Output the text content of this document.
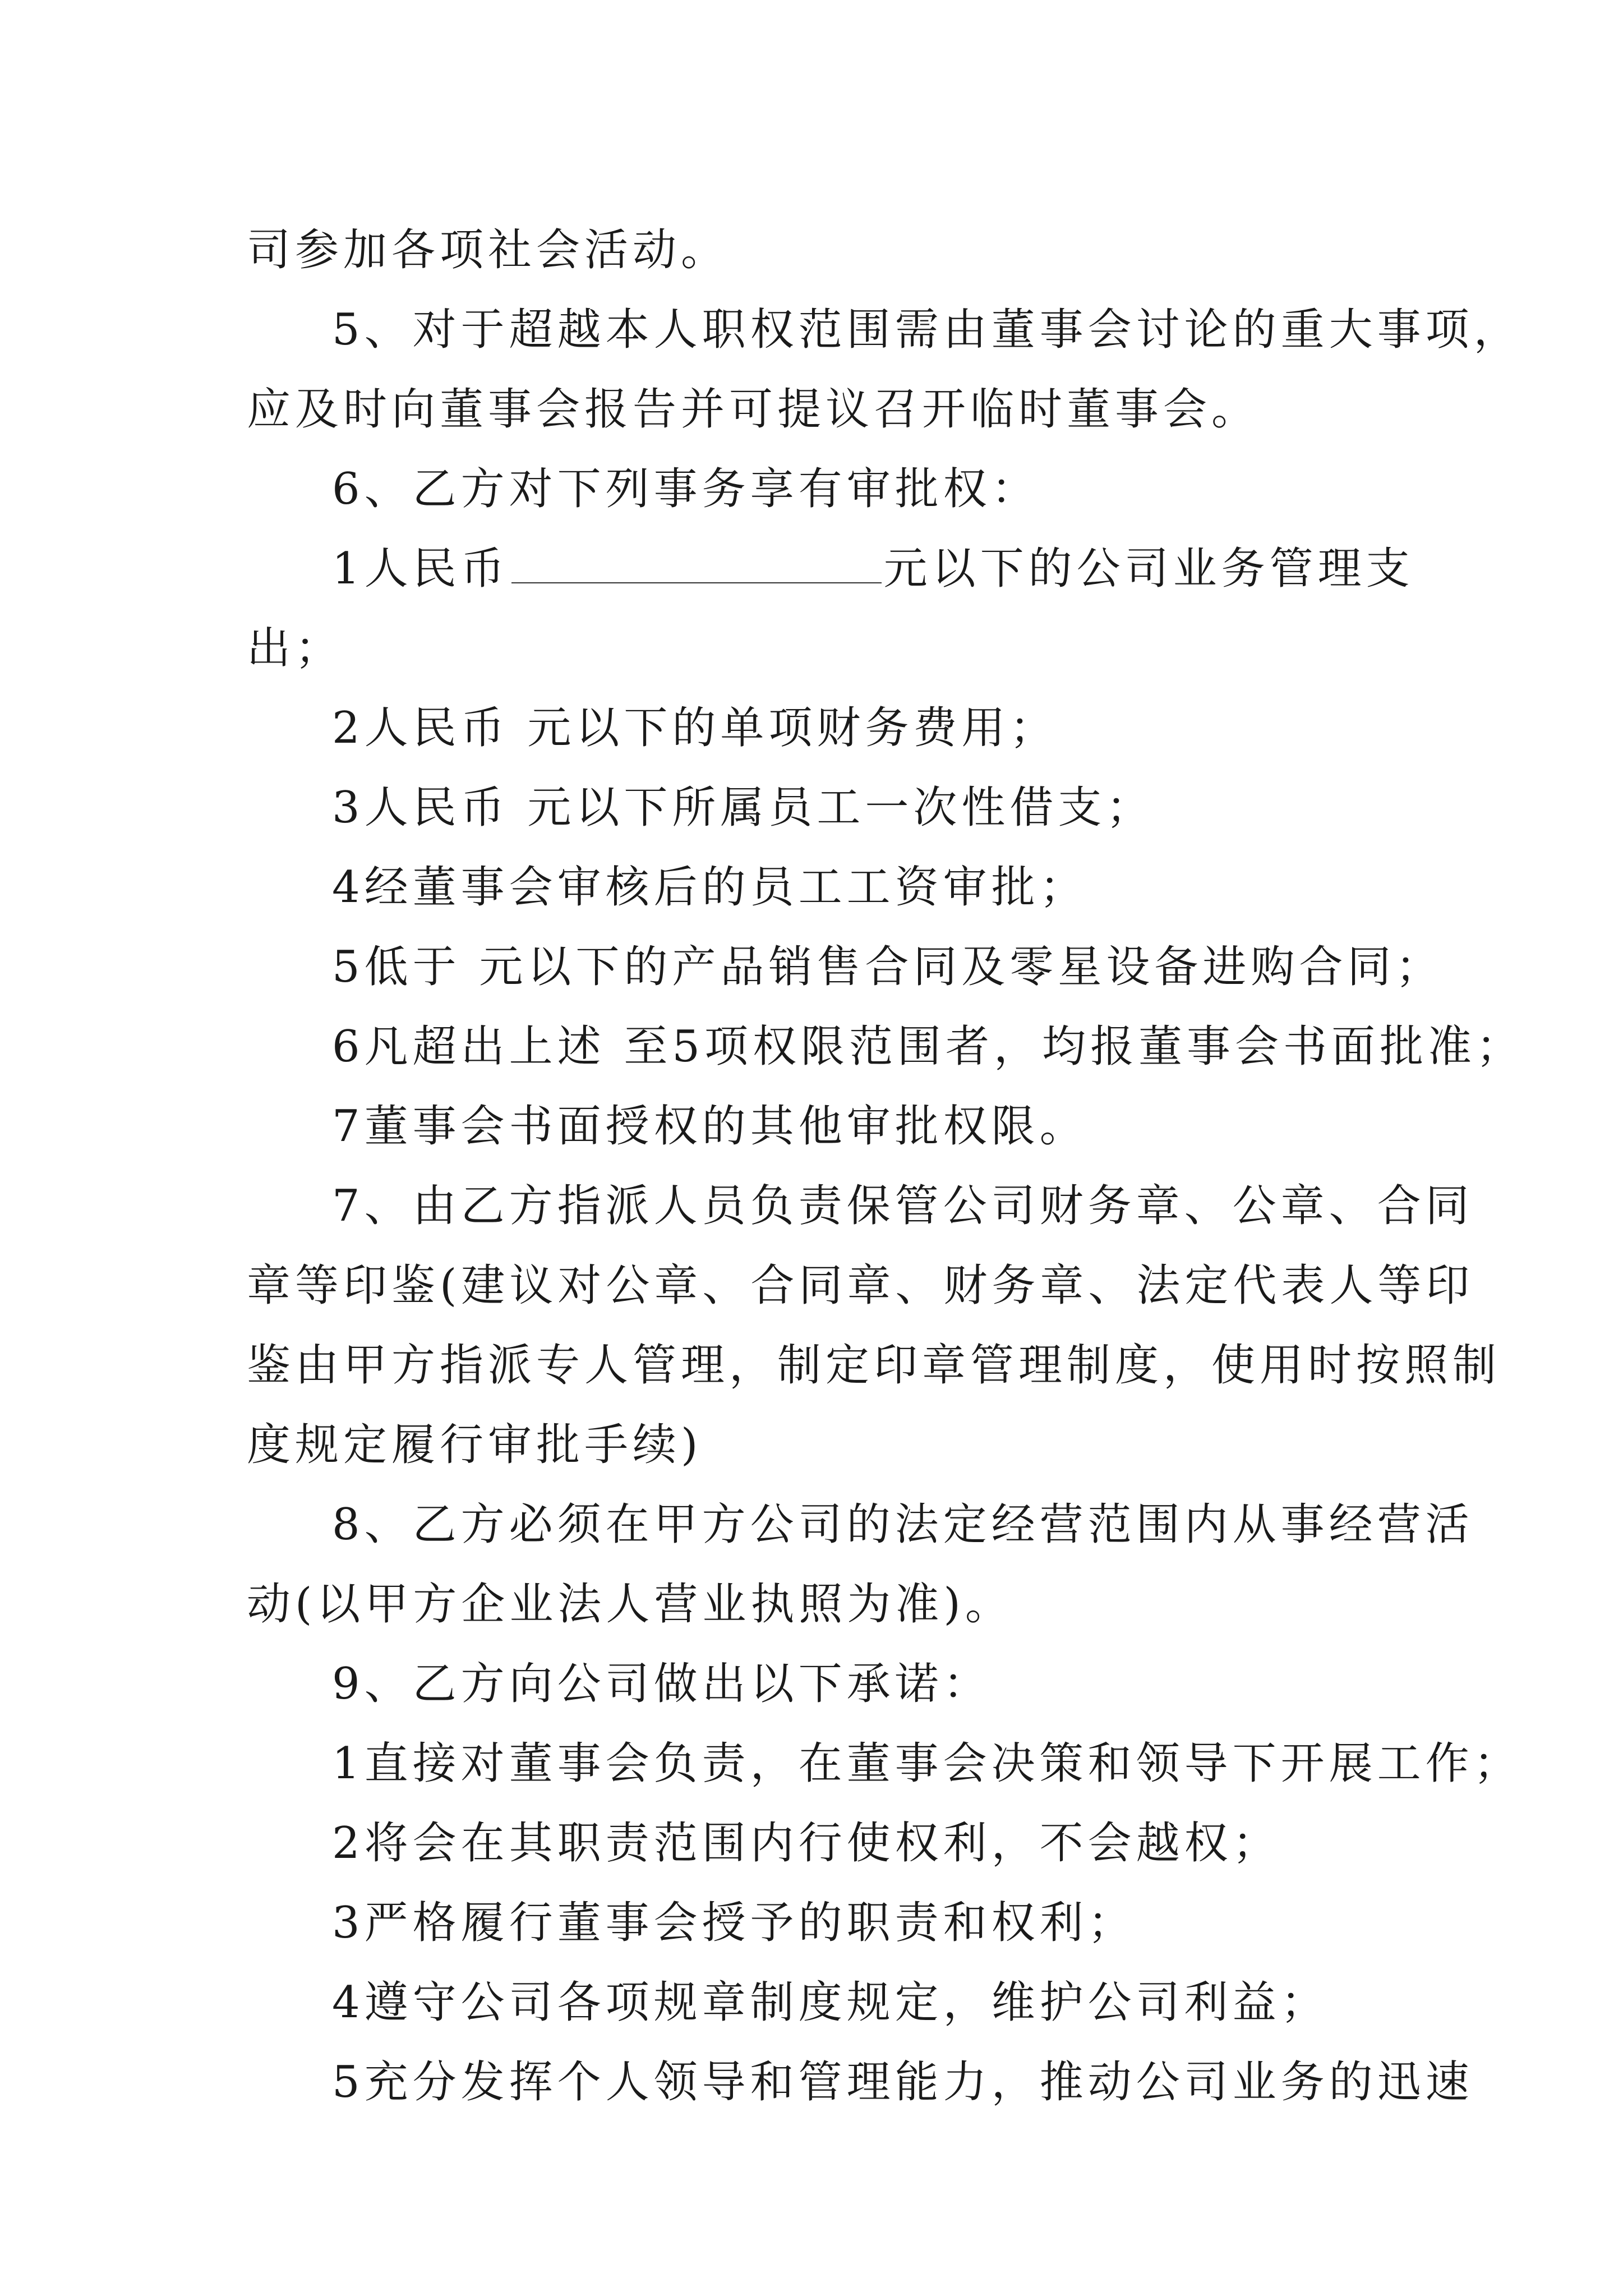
司参加各项社会活动。
5、对于超越本人职权范围需由董事会讨论的重大事项，
应及时向董事会报告并可提议召开临时董事会。
6、乙方对下列事务享有审批权：
1人民币	元以下的公司业务管理支
出；
2人民币 元以下的单项财务费用；
3人民币 元以下所属员工一次性借支；
4经董事会审核后的员工工资审批；
5低于 元以下的产品销售合同及零星设备进购合同；
6凡超出上述 至5项权限范围者，均报董事会书面批准；
7董事会书面授权的其他审批权限。
7、由乙方指派人员负责保管公司财务章、公章、合同
章等印鉴(建议对公章、合同章、财务章、法定代表人等印
鉴由甲方指派专人管理，制定印章管理制度，使用时按照制
度规定履行审批手续)
8、乙方必须在甲方公司的法定经营范围内从事经营活
动(以甲方企业法人营业执照为准)。
9、乙方向公司做出以下承诺：
1直接对董事会负责，在董事会决策和领导下开展工作；
2将会在其职责范围内行使权利，不会越权；
3严格履行董事会授予的职责和权利；
4遵守公司各项规章制度规定，维护公司利益；
5充分发挥个人领导和管理能力，推动公司业务的迅速
